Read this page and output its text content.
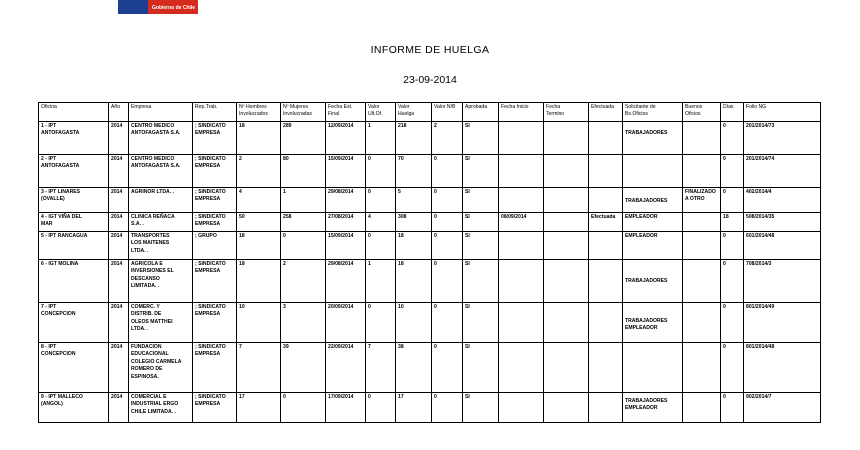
Gobierno de Chile
INFORME DE HUELGA
23-09-2014
Oficina	Año	Empresa	Rep.Trab.	Nº Hombres
Involucrados	Nº Mujeres
Involucradas	Fecha Est.
Final	Valor
Ult.Of.	Valor
Huelga	Valor N/B	Aprobada	Fecha Inicio	Fecha
Termino	Efectuada	Solicitante de
Bs.Oficios	Buenos
Oficios	Días	Folio NG
1 - IPT
ANTOFAGASTA	2014	CENTRO MEDICO
ANTOFAGASTA S.A.	; SINDICATO
EMPRESA	18	289	12/09/2014	1	218	2	SI				TRABAJADORES		0	201/2014/73
2 - IPT
ANTOFAGASTA	2014	CENTRO MEDICO
ANTOFAGASTA S.A.	; SINDICATO
EMPRESA	2	80	15/09/2014	0	70	0	SI						0	201/2014/74
3 - IPT LINARES
(OVALLE)	2014	AGRINOR LTDA. .	; SINDICATO
EMPRESA	4	1	29/08/2014	0	5	0	SI				TRABAJADORES	FINALIZADO
A OTRO	0	402/2014/4
4 - IGT VIÑA DEL
MAR	2014	CLINICA REÑACA
S.A. .	; SINDICATO
EMPRESA	50	258	27/08/2014	4	308	0	SI	08/09/2014		Efectuada	EMPLEADOR		18	508/2014/35
5 - IPT RANCAGUA	2014	TRANSPORTES
LOS MAITENES
LTDA. .	; GRUPO	18	0	15/09/2014	0	18	0	SI				EMPLEADOR		0	601/2014/48
6 - IGT MOLINA	2014	AGRICOLA E
INVERSIONES EL
DESCANSO
LIMITADA. .	; SINDICATO
EMPRESA	18	2	29/08/2014	1	18	0	SI				TRABAJADORES		0	708/2014/3
7 - IPT
CONCEPCION	2014	COMERC. Y
DISTRIB. DE
OLEOS MATTHEI
LTDA. .	; SINDICATO
EMPRESA	10	3	20/09/2014	0	10	0	SI				TRABAJADORES
EMPLEADOR		0	801/2014/49
8 - IPT
CONCEPCION	2014	FUNDACION
EDUCACIONAL
COLEGIO CARMELA
ROMERO DE
ESPINOSA.	; SINDICATO
EMPRESA	7	39	22/09/2014	7	38	0	SI						0	801/2014/48
9 - IPT MALLECO
(ANGOL)	2014	COMERCIAL E
INDUSTRIAL ERGO
CHILE LIMITADA. .	; SINDICATO
EMPRESA	17	0	17/09/2014	0	17	0	SI				TRABAJADORES
EMPLEADOR		0	902/2014/7
